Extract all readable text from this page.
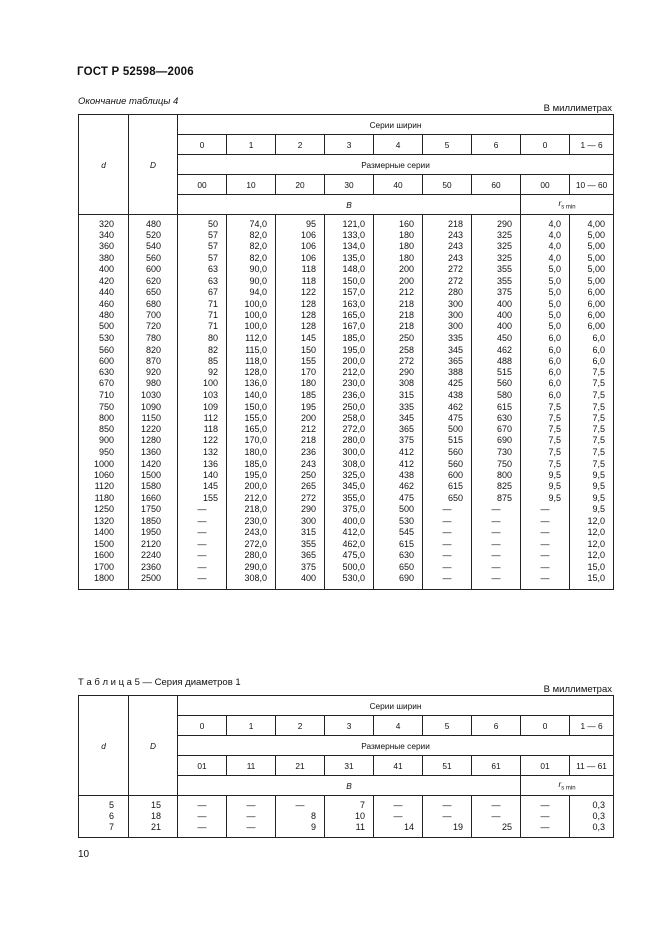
ГОСТ Р 52598—2006
Окончание таблицы 4
В миллиметрах
d	D	Серии ширин								
		0	1	2	3	4	5	6	0	1 — 6
		Размерные серии								
		00	10	20	30	40	50	60	00	10 — 60
		B							$r_{s min}$
320	480	50	74,0	95	121,0	160	218	290	4,0	4,00
340	520	57	82,0	106	133,0	180	243	325	4,0	5,00
360	540	57	82,0	106	134,0	180	243	325	4,0	5,00
380	560	57	82,0	106	135,0	180	243	325	4,0	5,00
400	600	63	90,0	118	148,0	200	272	355	5,0	5,00
420	620	63	90,0	118	150,0	200	272	355	5,0	5,00
440	650	67	94,0	122	157,0	212	280	375	5,0	6,00
460	680	71	100,0	128	163,0	218	300	400	5,0	6,00
480	700	71	100,0	128	165,0	218	300	400	5,0	6,00
500	720	71	100,0	128	167,0	218	300	400	5,0	6,00
530	780	80	112,0	145	185,0	250	335	450	6,0	6,0
560	820	82	115,0	150	195,0	258	345	462	6,0	6,0
600	870	85	118,0	155	200,0	272	365	488	6,0	6,0
630	920	92	128,0	170	212,0	290	388	515	6,0	7,5
670	980	100	136,0	180	230,0	308	425	560	6,0	7,5
710	1030	103	140,0	185	236,0	315	438	580	6,0	7,5
750	1090	109	150,0	195	250,0	335	462	615	7,5	7,5
800	1150	112	155,0	200	258,0	345	475	630	7,5	7,5
850	1220	118	165,0	212	272,0	365	500	670	7,5	7,5
900	1280	122	170,0	218	280,0	375	515	690	7,5	7,5
950	1360	132	180,0	236	300,0	412	560	730	7,5	7,5
1000	1420	136	185,0	243	308,0	412	560	750	7,5	7,5
1060	1500	140	195,0	250	325,0	438	600	800	9,5	9,5
1120	1580	145	200,0	265	345,0	462	615	825	9,5	9,5
1180	1660	155	212,0	272	355,0	475	650	875	9,5	9,5
1250	1750	—	218,0	290	375,0	500	—	—	—	9,5
1320	1850	—	230,0	300	400,0	530	—	—	—	12,0
1400	1950	—	243,0	315	412,0	545	—	—	—	12,0
1500	2120	—	272,0	355	462,0	615	—	—	—	12,0
1600	2240	—	280,0	365	475,0	630	—	—	—	12,0
1700	2360	—	290,0	375	500,0	650	—	—	—	15,0
1800	2500	—	308,0	400	530,0	690	—	—	—	15,0
Т а б л и ц а 5 — Серия диаметров 1
В миллиметрах
d	D	Серии ширин								
		0	1	2	3	4	5	6	0	1 — 6
		Размерные серии								
		01	11	21	31	41	51	61	01	11 — 61
		B							$r_{s min}$
5	15	—	—	—	7	—	—	—	—	0,3
6	18	—	—	8	10	—	—	—	—	0,3
7	21	—	—	9	11	14	19	25	—	0,3
10
